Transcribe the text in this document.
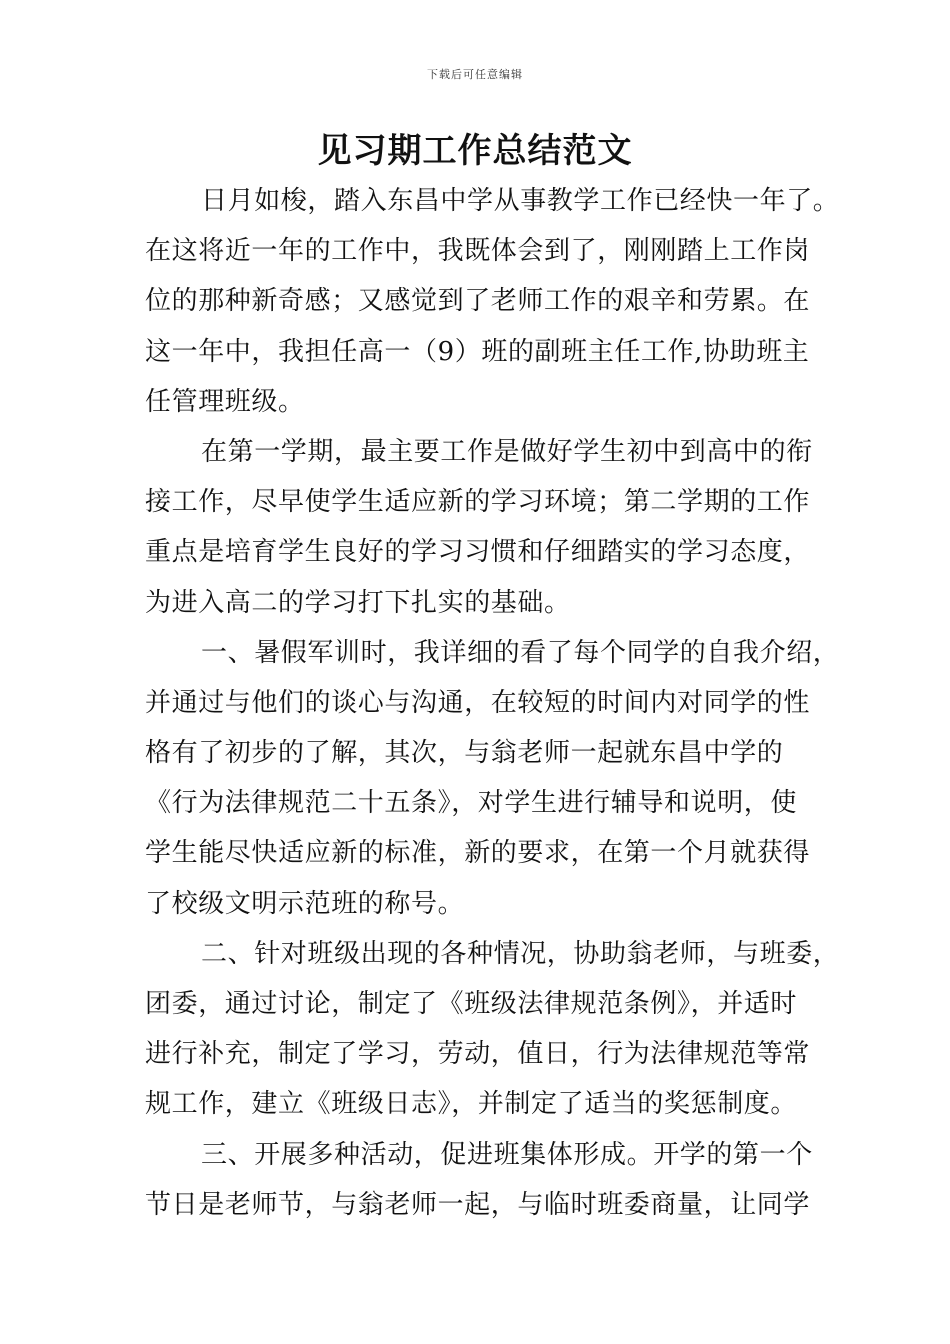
下载后可任意编辑
见习期工作总结范文
日月如梭，踏入东昌中学从事教学工作已经快一年了。
在这将近一年的工作中，我既体会到了，刚刚踏上工作岗
位的那种新奇感；又感觉到了老师工作的艰辛和劳累。在
这一年中，我担任高一（9）班的副班主任工作,协助班主
任管理班级。
在第一学期，最主要工作是做好学生初中到高中的衔
接工作，尽早使学生适应新的学习环境；第二学期的工作
重点是培育学生良好的学习习惯和仔细踏实的学习态度，
为进入高二的学习打下扎实的基础。
一、暑假军训时，我详细的看了每个同学的自我介绍，
并通过与他们的谈心与沟通，在较短的时间内对同学的性
格有了初步的了解，其次，与翁老师一起就东昌中学的
《行为法律规范二十五条》，对学生进行辅导和说明，使
学生能尽快适应新的标准，新的要求，在第一个月就获得
了校级文明示范班的称号。
二、针对班级出现的各种情况，协助翁老师，与班委，
团委，通过讨论，制定了《班级法律规范条例》，并适时
进行补充，制定了学习，劳动，值日，行为法律规范等常
规工作，建立《班级日志》，并制定了适当的奖惩制度。
三、开展多种活动，促进班集体形成。开学的第一个
节日是老师节，与翁老师一起，与临时班委商量，让同学
